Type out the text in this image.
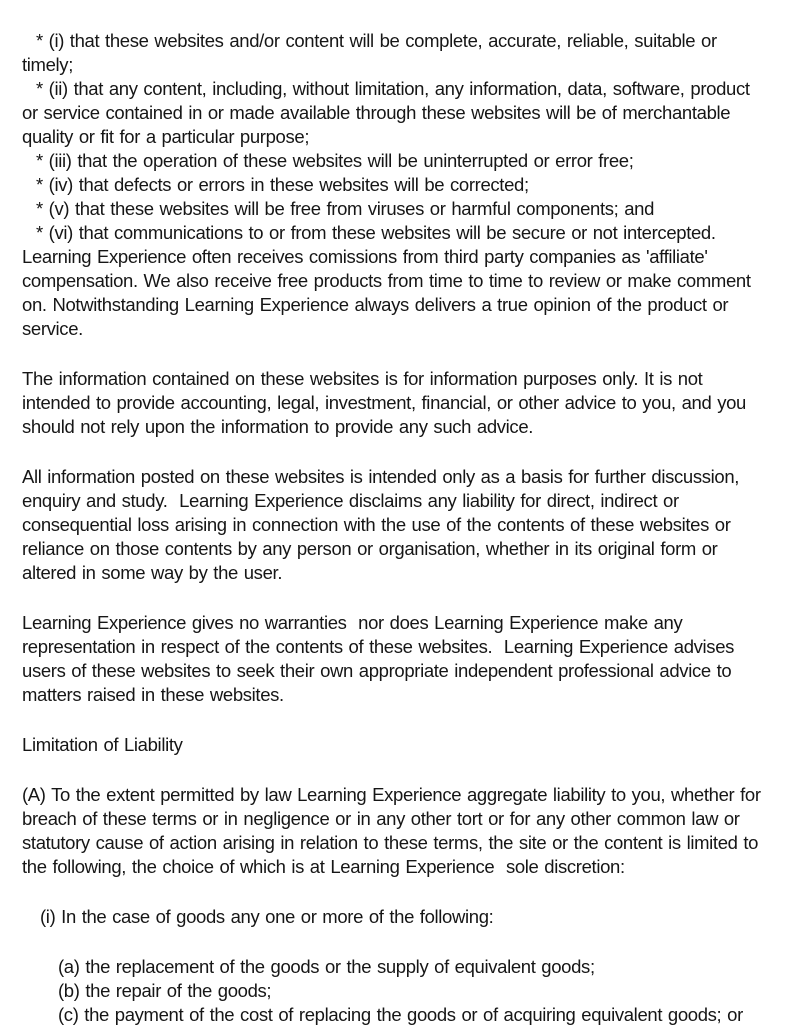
* (i) that these websites and/or content will be complete, accurate, reliable, suitable or
timely;
* (ii) that any content, including, without limitation, any information, data, software, product
or service contained in or made available through these websites will be of merchantable
quality or fit for a particular purpose;
* (iii) that the operation of these websites will be uninterrupted or error free;
* (iv) that defects or errors in these websites will be corrected;
* (v) that these websites will be free from viruses or harmful components; and
* (vi) that communications to or from these websites will be secure or not intercepted.
Learning Experience often receives comissions from third party companies as 'affiliate'
compensation. We also receive free products from time to time to review or make comment
on. Notwithstanding Learning Experience always delivers a true opinion of the product or
service.
The information contained on these websites is for information purposes only. It is not
intended to provide accounting, legal, investment, financial, or other advice to you, and you
should not rely upon the information to provide any such advice.
All information posted on these websites is intended only as a basis for further discussion,
enquiry and study.  Learning Experience disclaims any liability for direct, indirect or
consequential loss arising in connection with the use of the contents of these websites or
reliance on those contents by any person or organisation, whether in its original form or
altered in some way by the user.
Learning Experience gives no warranties  nor does Learning Experience make any
representation in respect of the contents of these websites.  Learning Experience advises
users of these websites to seek their own appropriate independent professional advice to
matters raised in these websites.
Limitation of Liability
(A) To the extent permitted by law Learning Experience aggregate liability to you, whether for
breach of these terms or in negligence or in any other tort or for any other common law or
statutory cause of action arising in relation to these terms, the site or the content is limited to
the following, the choice of which is at Learning Experience  sole discretion:
(i) In the case of goods any one or more of the following:
(a) the replacement of the goods or the supply of equivalent goods;
(b) the repair of the goods;
(c) the payment of the cost of replacing the goods or of acquiring equivalent goods; or
